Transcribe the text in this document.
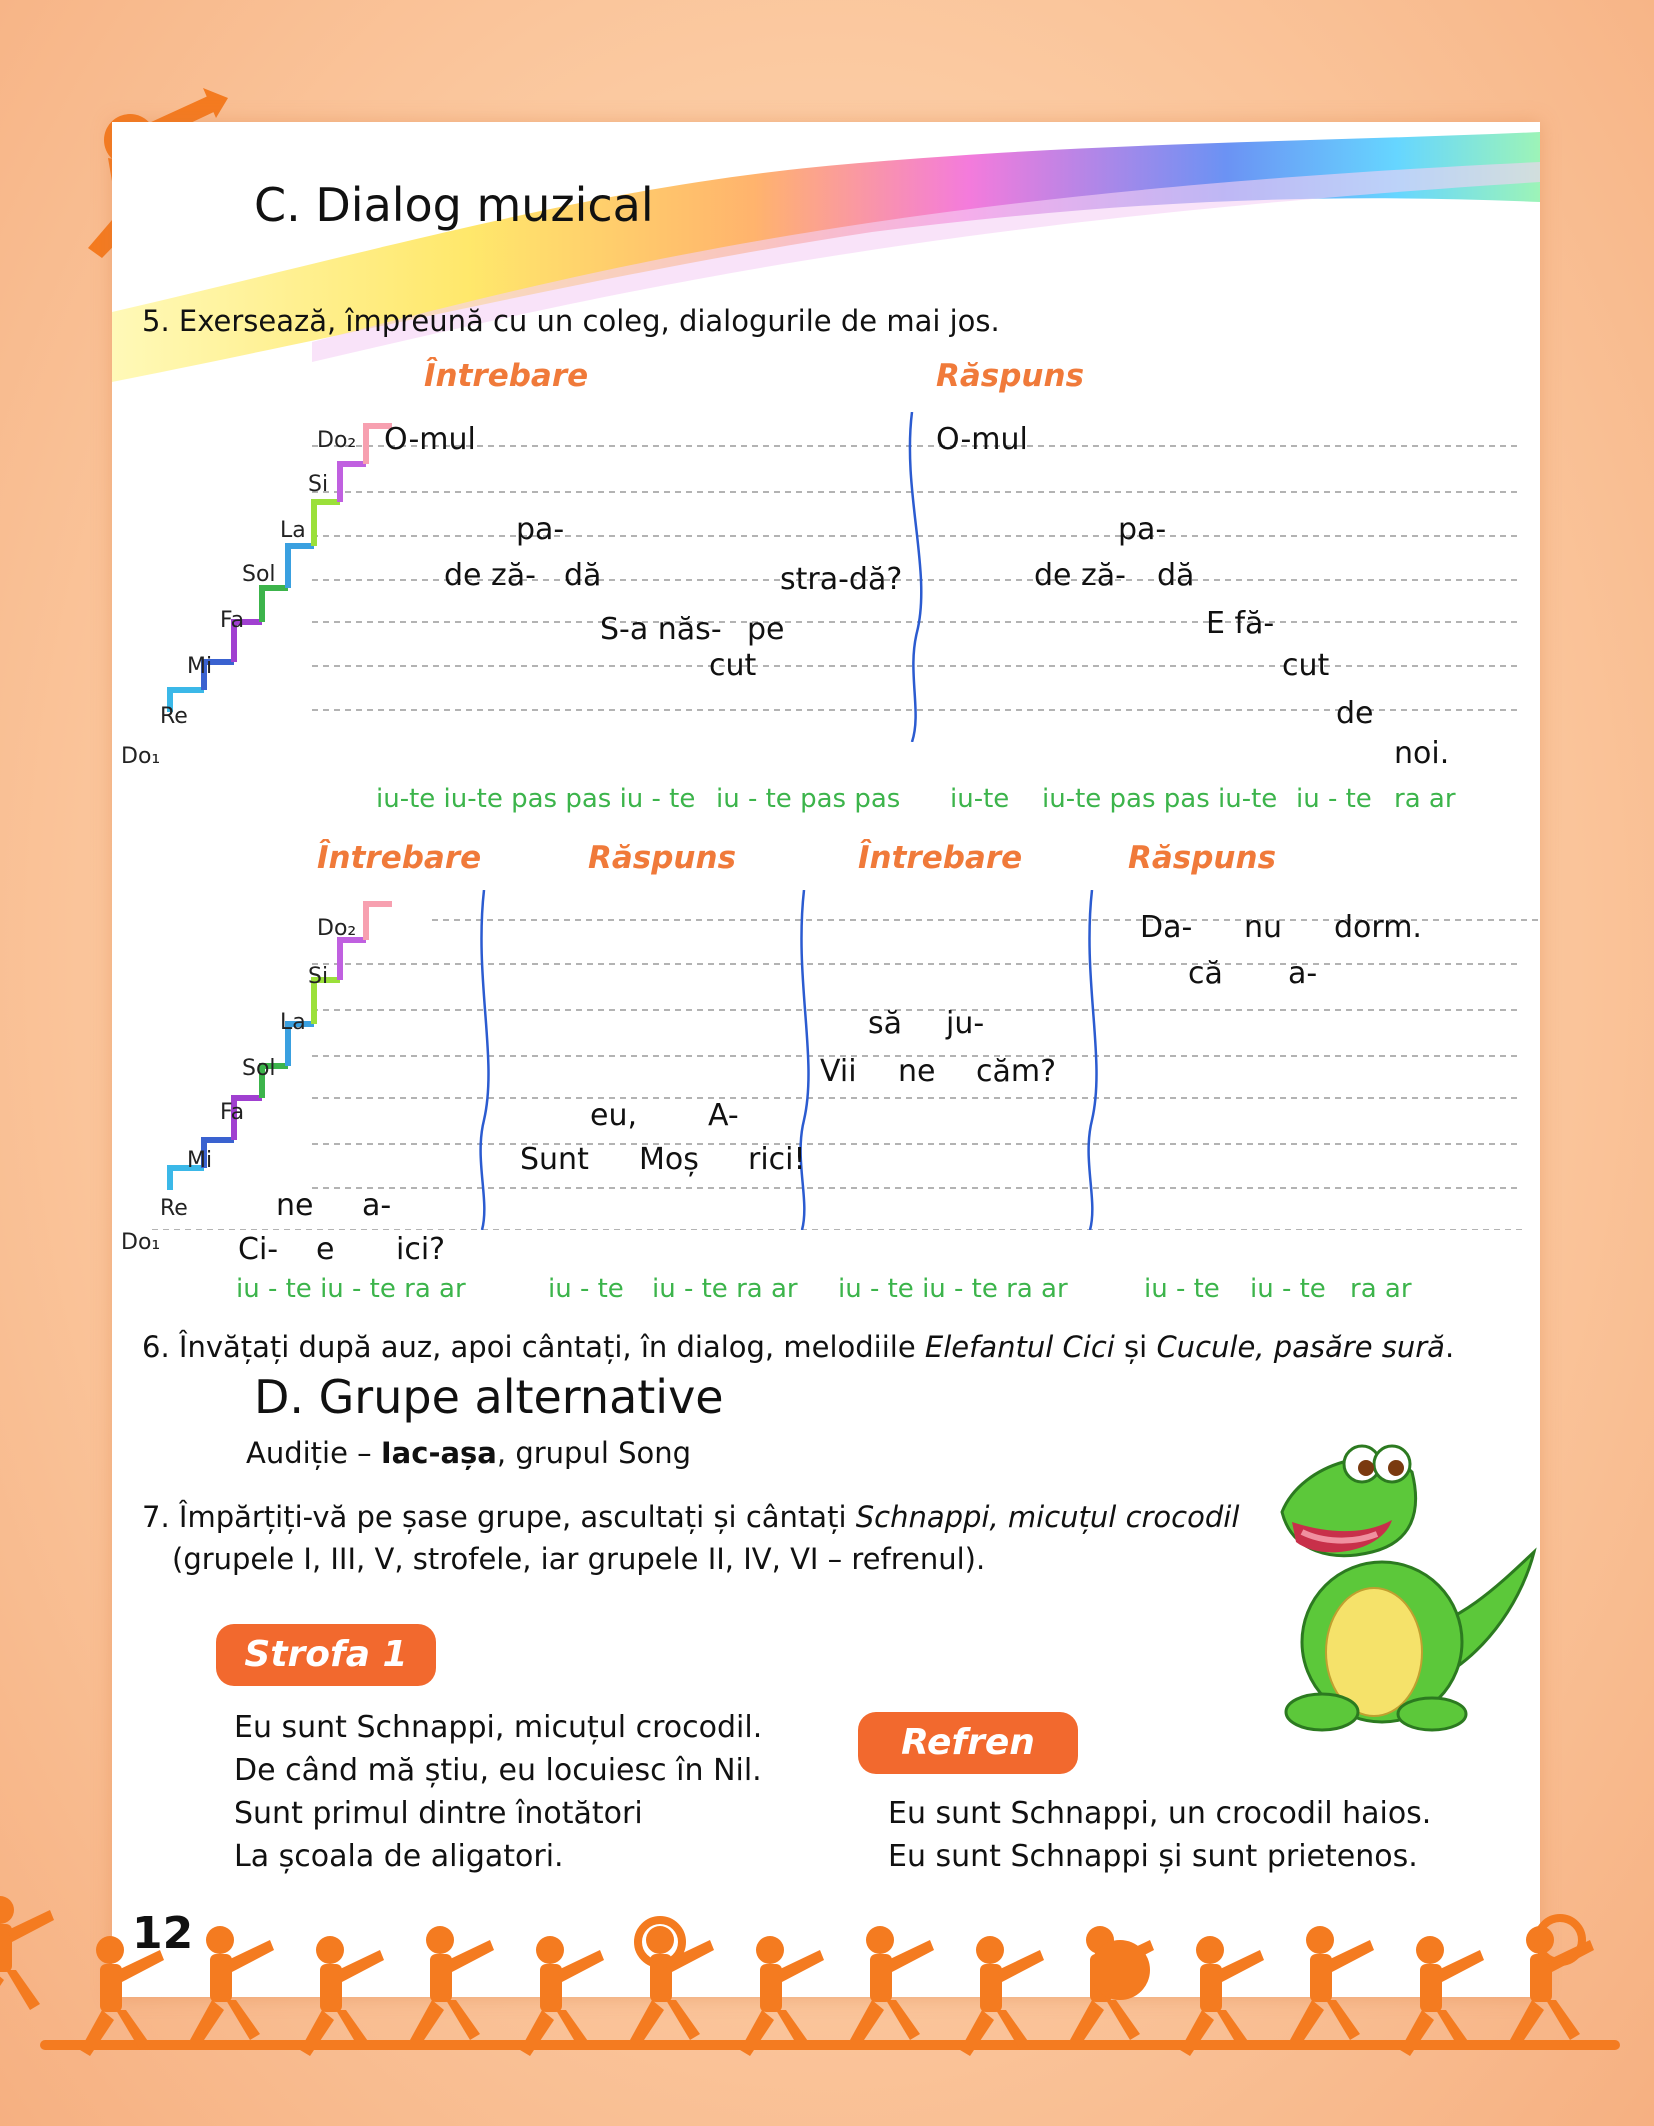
C. Dialog muzical
5. Exersează, împreună cu un coleg, dialogurile de mai jos.
Întrebare	Răspuns
Do₂
Si
La
Sol
Fa
Mi
Re
Do₁
O-mul
pa-
de ză- dă	stra-dă?
S-a năs- pe
cut
O-mul
pa-
de ză- dă
E fă-
cut
de
noi.
iu-te iu-te pas pas iu - te iu - te pas pas iu-te iu-te pas pas iu-te iu - te ra ar
Întrebare	Răspuns	Întrebare	Răspuns
Do₂
Si
La
Sol
Fa
Mi
Re
Do₁
ne a-
Ci- e ici?
eu, A-
Sunt Moș rici!
să ju-
Vii ne căm?
Da- nu dorm.
că a-
iu - te iu - te ra ar	iu - te iu - te ra ar iu - te iu - te ra ar	iu - te iu - te ra ar
6. Învățați după auz, apoi cântați, în dialog, melodiile Elefantul Cici și Cucule, pasăre sură.
D. Grupe alternative
Audiție – Iac-așa, grupul Song
7. Împărțiți-vă pe șase grupe, ascultați și cântați Schnappi, micuțul crocodil
(grupele I, III, V, strofele, iar grupele II, IV, VI – refrenul).
Strofa 1
Eu sunt Schnappi, micuțul crocodil.
De când mă știu, eu locuiesc în Nil.
Sunt primul dintre înotători
La școala de aligatori.
Refren
Eu sunt Schnappi, un crocodil haios.
Eu sunt Schnappi și sunt prietenos.
12
